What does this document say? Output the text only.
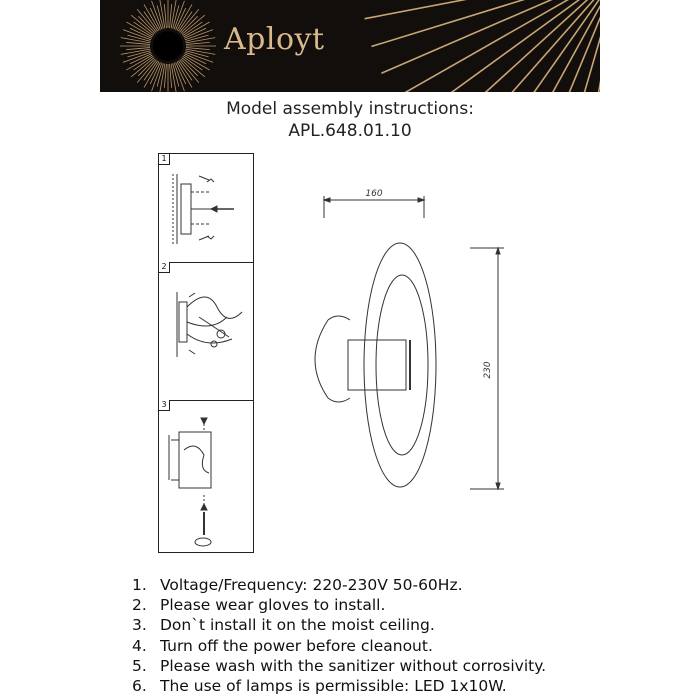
Aployt
Model assembly instructions:
APL.648.01.10
1
2
3
160
230
1. Voltage/Frequency: 220-230V 50-60Hz.
2. Please wear gloves to install.
3. Don`t install it on the moist ceiling.
4. Turn off the power before cleanout.
5. Please wash with the sanitizer without corrosivity.
6. The use of lamps is permissible: LED 1x10W.
